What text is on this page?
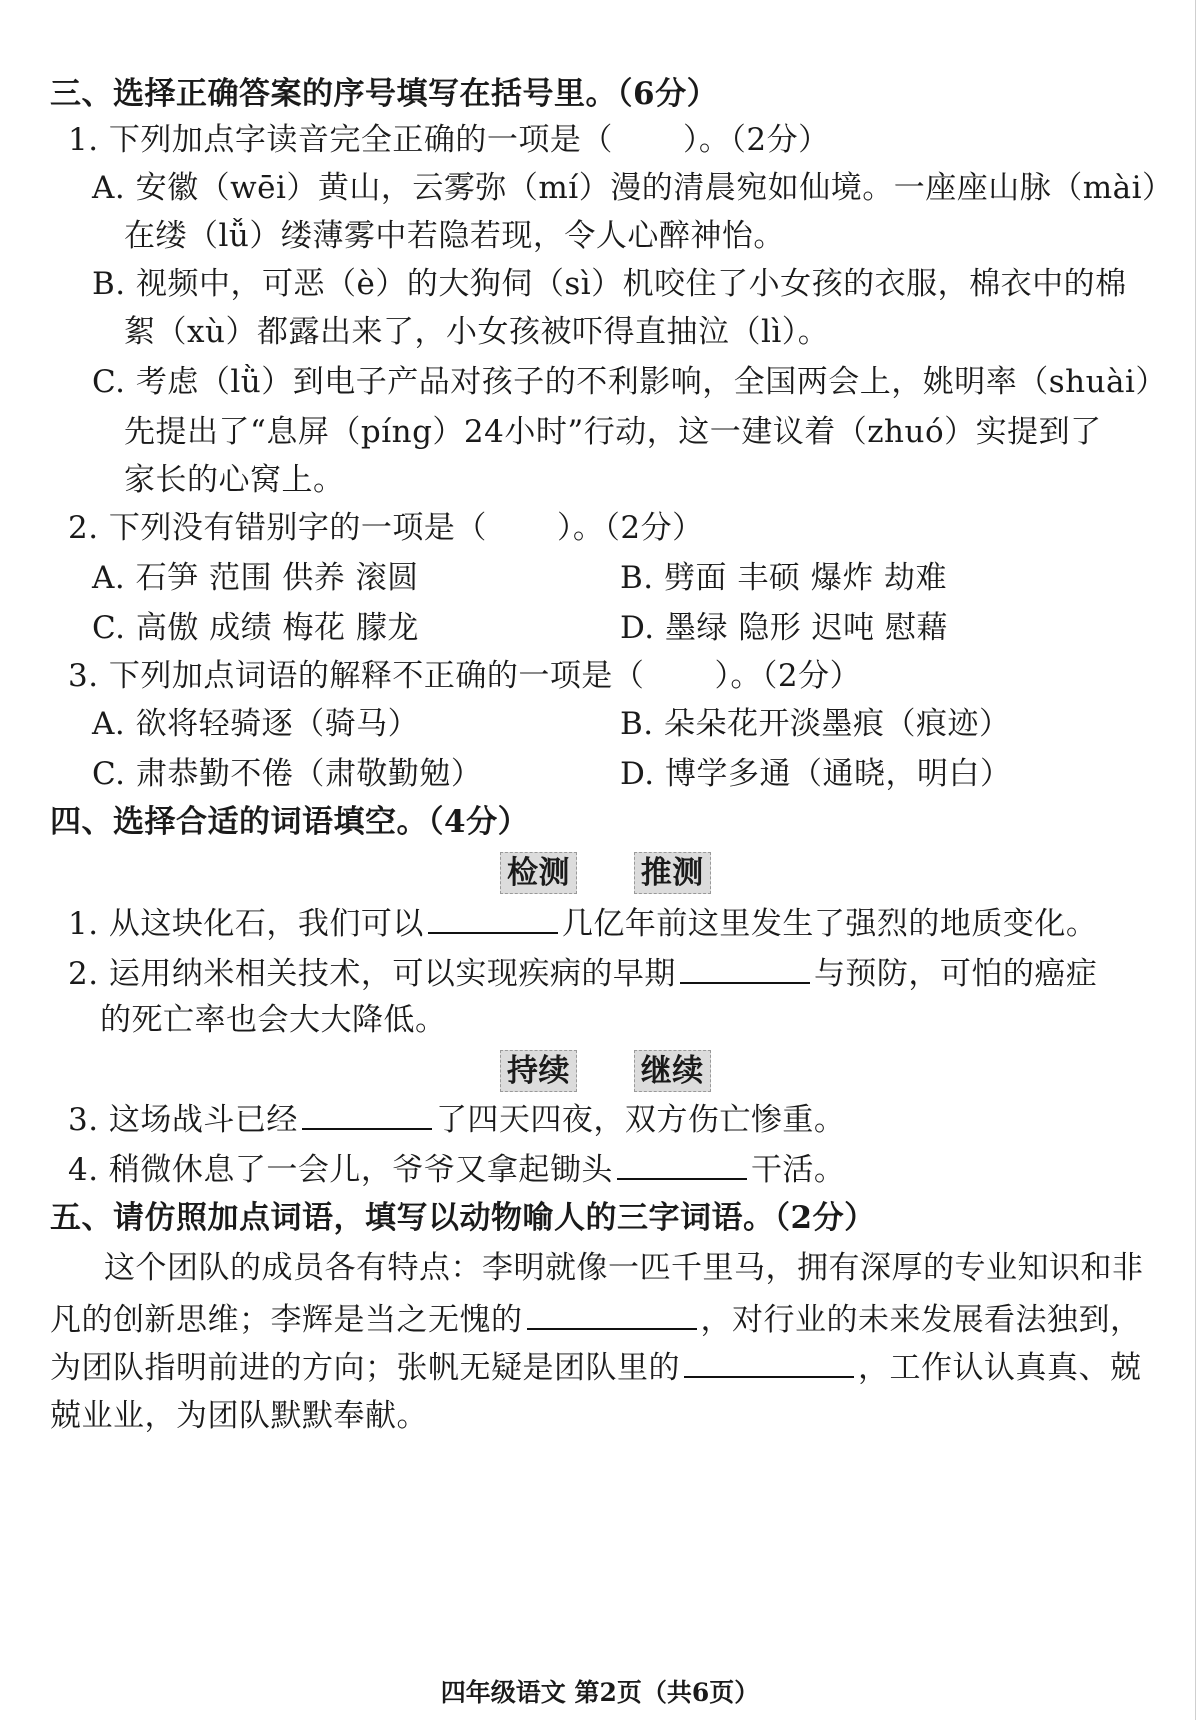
三、选择正确答案的序号填写在括号里。（6分）
1. 下列加点字读音完全正确的一项是（ ）。（2分）
A. 安徽（wēi）黄山，云雾弥（mí）漫的清晨宛如仙境。一座座山脉（mài）
在缕（lǚ）缕薄雾中若隐若现，令人心醉神怡。
B. 视频中，可恶（è）的大狗伺（sì）机咬住了小女孩的衣服，棉衣中的棉
絮（xù）都露出来了，小女孩被吓得直抽泣（lì）。
C. 考虑（lǜ）到电子产品对孩子的不利影响，全国两会上，姚明率（shuài）
先提出了“息屏（píng）24小时”行动，这一建议着（zhuó）实提到了
家长的心窝上。
2. 下列没有错别字的一项是（ ）。（2分）
A. 石笋 范围 供养 滚圆	B. 劈面 丰硕 爆炸 劫难
C. 高傲 成绩 梅花 朦龙	D. 墨绿 隐形 迟吨 慰藉
3. 下列加点词语的解释不正确的一项是（ ）。（2分）
A. 欲将轻骑逐（骑马）	B. 朵朵花开淡墨痕（痕迹）
C. 肃恭勤不倦（肃敬勤勉）	D. 博学多通（通晓，明白）
四、选择合适的词语填空。（4分）
检测 推测
1. 从这块化石，我们可以	几亿年前这里发生了强烈的地质变化。
2. 运用纳米相关技术，可以实现疾病的早期	与预防，可怕的癌症
的死亡率也会大大降低。
持续 继续
3. 这场战斗已经	了四天四夜，双方伤亡惨重。
4. 稍微休息了一会儿，爷爷又拿起锄头	干活。
五、请仿照加点词语，填写以动物喻人的三字词语。（2分）
这个团队的成员各有特点：李明就像一匹千里马，拥有深厚的专业知识和非
凡的创新思维；李辉是当之无愧的	，对行业的未来发展看法独到，
为团队指明前进的方向；张帆无疑是团队里的	，工作认认真真、兢
兢业业，为团队默默奉献。
四年级语文 第2页（共6页）
